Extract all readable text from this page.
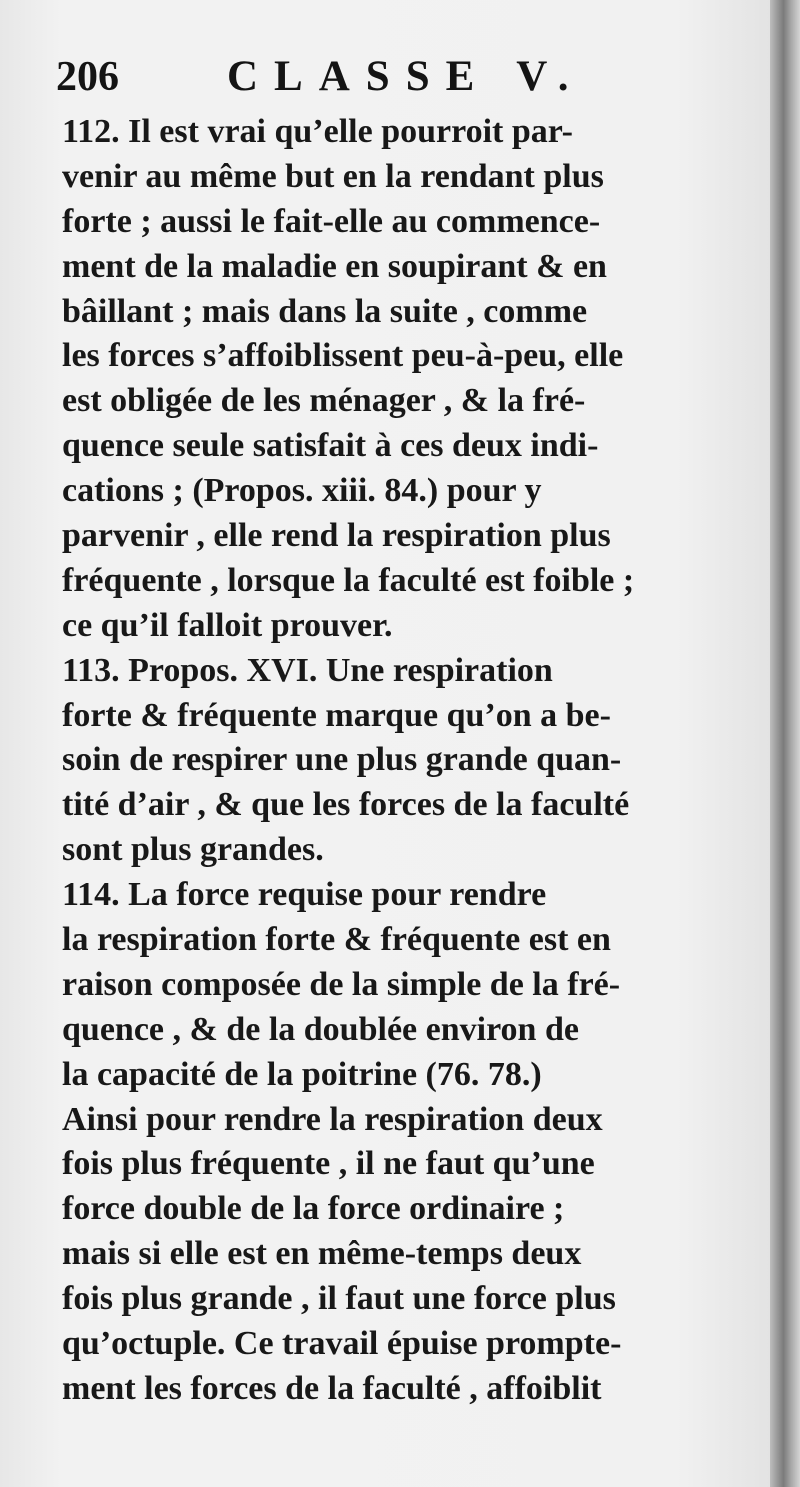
206	CLASSE V.
112. Il est vrai qu’elle pourroit par-
venir au même but en la rendant plus
forte ; aussi le fait-elle au commence-
ment de la maladie en soupirant & en
bâillant ; mais dans la suite , comme
les forces s’affoiblissent peu-à-peu, elle
est obligée de les ménager , & la fré-
quence seule satisfait à ces deux indi-
cations ; (Propos. xiii. 84.) pour y
parvenir , elle rend la respiration plus
fréquente , lorsque la faculté est foible ;
ce qu’il falloit prouver.
113. Propos. XVI. Une respiration
forte & fréquente marque qu’on a be-
soin de respirer une plus grande quan-
tité d’air , & que les forces de la faculté
sont plus grandes.
114. La force requise pour rendre
la respiration forte & fréquente est en
raison composée de la simple de la fré-
quence , & de la doublée environ de
la capacité de la poitrine (76. 78.)
Ainsi pour rendre la respiration deux
fois plus fréquente , il ne faut qu’une
force double de la force ordinaire ;
mais si elle est en même-temps deux
fois plus grande , il faut une force plus
qu’octuple. Ce travail épuise prompte-
ment les forces de la faculté , affoiblit
